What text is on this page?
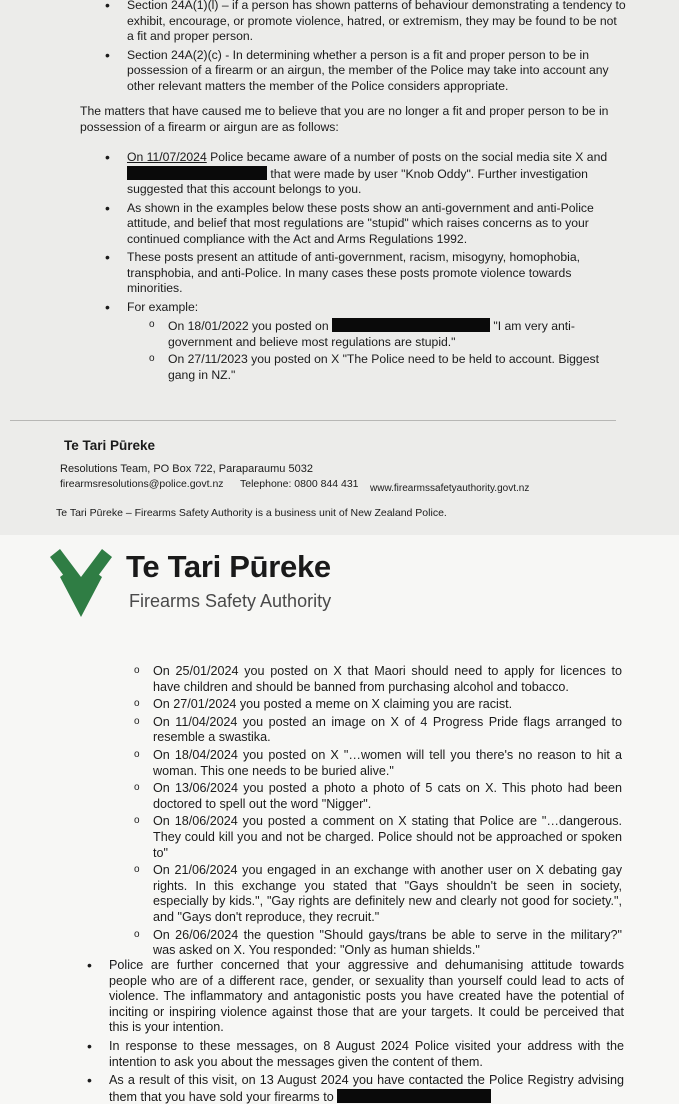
• Section 24A(1)(l) – if a person has shown patterns of behaviour demonstrating a tendency to exhibit, encourage, or promote violence, hatred, or extremism, they may be found to be not a fit and proper person.
• Section 24A(2)(c) - In determining whether a person is a fit and proper person to be in possession of a firearm or an airgun, the member of the Police may take into account any other relevant matters the member of the Police considers appropriate.

The matters that have caused me to believe that you are no longer a fit and proper person to be in possession of a firearm or airgun are as follows:

• On 11/07/2024 Police became aware of a number of posts on the social media site X and
that were made by user "Knob Oddy". Further investigation suggested that this account belongs to you.
• As shown in the examples below these posts show an anti-government and anti-Police attitude, and belief that most regulations are "stupid" which raises concerns as to your continued compliance with the Act and Arms Regulations 1992.
• These posts present an attitude of anti-government, racism, misogyny, homophobia, transphobia, and anti-Police. In many cases these posts promote violence towards minorities.
• For example:
o On 18/01/2022 you posted on	"I am very anti-government and believe most regulations are stupid."
o On 27/11/2023 you posted on X "The Police need to be held to account. Biggest gang in NZ."

Te Tari Pūreke

Resolutions Team, PO Box 722, Paraparaumu 5032

firearmsresolutions@police.govt.nz Telephone: 0800 844 431 www.firearmssafetyauthority.govt.nz

Te Tari Pūreke – Firearms Safety Authority is a business unit of New Zealand Police.

Te Tari Pūreke

Firearms Safety Authority

o On 25/01/2024 you posted on X that Maori should need to apply for licences to have children and should be banned from purchasing alcohol and tobacco.
o On 27/01/2024 you posted a meme on X claiming you are racist.
o On 11/04/2024 you posted an image on X of 4 Progress Pride flags arranged to resemble a swastika.
o On 18/04/2024 you posted on X "…women will tell you there's no reason to hit a woman. This one needs to be buried alive."
o On 13/06/2024 you posted a photo a photo of 5 cats on X. This photo had been doctored to spell out the word "Nigger".
o On 18/06/2024 you posted a comment on X stating that Police are "…dangerous. They could kill you and not be charged. Police should not be approached or spoken to"
o On 21/06/2024 you engaged in an exchange with another user on X debating gay rights. In this exchange you stated that "Gays shouldn't be seen in society, especially by kids.", "Gay rights are definitely new and clearly not good for society.", and "Gays don't reproduce, they recruit."
o On 26/06/2024 the question "Should gays/trans be able to serve in the military?" was asked on X. You responded: "Only as human shields."
• Police are further concerned that your aggressive and dehumanising attitude towards people who are of a different race, gender, or sexuality than yourself could lead to acts of violence. The inflammatory and antagonistic posts you have created have the potential of inciting or inspiring violence against those that are your targets. It could be perceived that this is your intention.
• In response to these messages, on 8 August 2024 Police visited your address with the intention to ask you about the messages given the content of them.
• As a result of this visit, on 13 August 2024 you have contacted the Police Registry advising them that you have sold your firearms to
